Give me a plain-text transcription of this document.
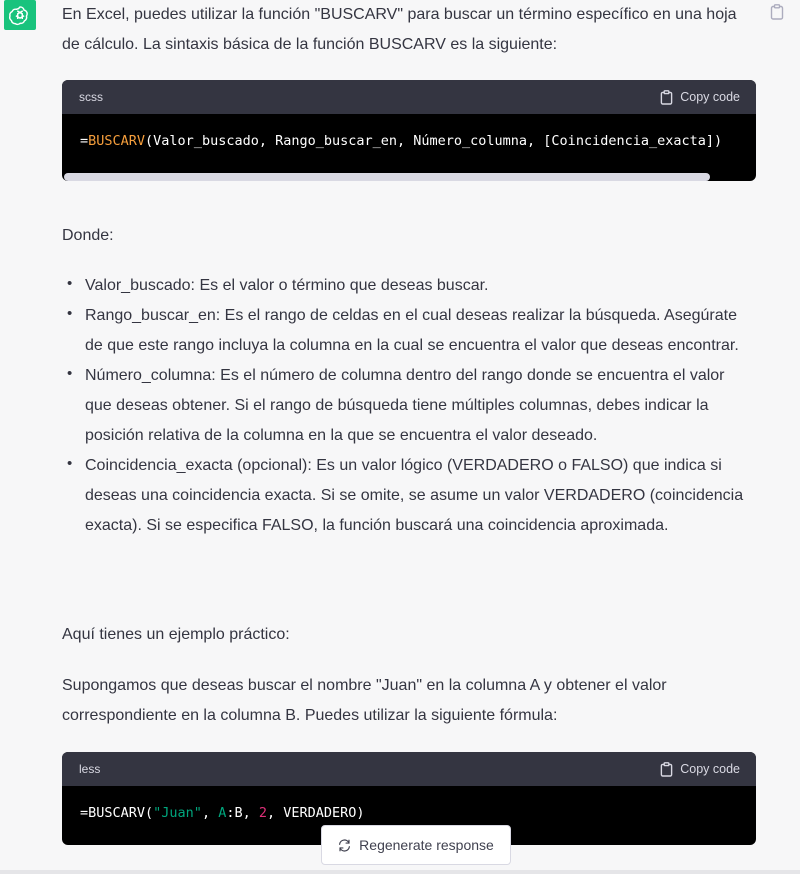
En Excel, puedes utilizar la función "BUSCARV" para buscar un término específico en una hoja de cálculo. La sintaxis básica de la función BUSCARV es la siguiente:

scss	Copy code
=BUSCARV(Valor_buscado, Rango_buscar_en, Número_columna, [Coincidencia_exacta])

Donde:

• Valor_buscado: Es el valor o término que deseas buscar.
• Rango_buscar_en: Es el rango de celdas en el cual deseas realizar la búsqueda. Asegúrate de que este rango incluya la columna en la cual se encuentra el valor que deseas encontrar.
• Número_columna: Es el número de columna dentro del rango donde se encuentra el valor que deseas obtener. Si el rango de búsqueda tiene múltiples columnas, debes indicar la posición relativa de la columna en la que se encuentra el valor deseado.
• Coincidencia_exacta (opcional): Es un valor lógico (VERDADERO o FALSO) que indica si deseas una coincidencia exacta. Si se omite, se asume un valor VERDADERO (coincidencia exacta). Si se especifica FALSO, la función buscará una coincidencia aproximada.

Aquí tienes un ejemplo práctico:

Supongamos que deseas buscar el nombre "Juan" en la columna A y obtener el valor correspondiente en la columna B. Puedes utilizar la siguiente fórmula:

less	Copy code
=BUSCARV("Juan", A:B, 2, VERDADERO)
Regenerate response
